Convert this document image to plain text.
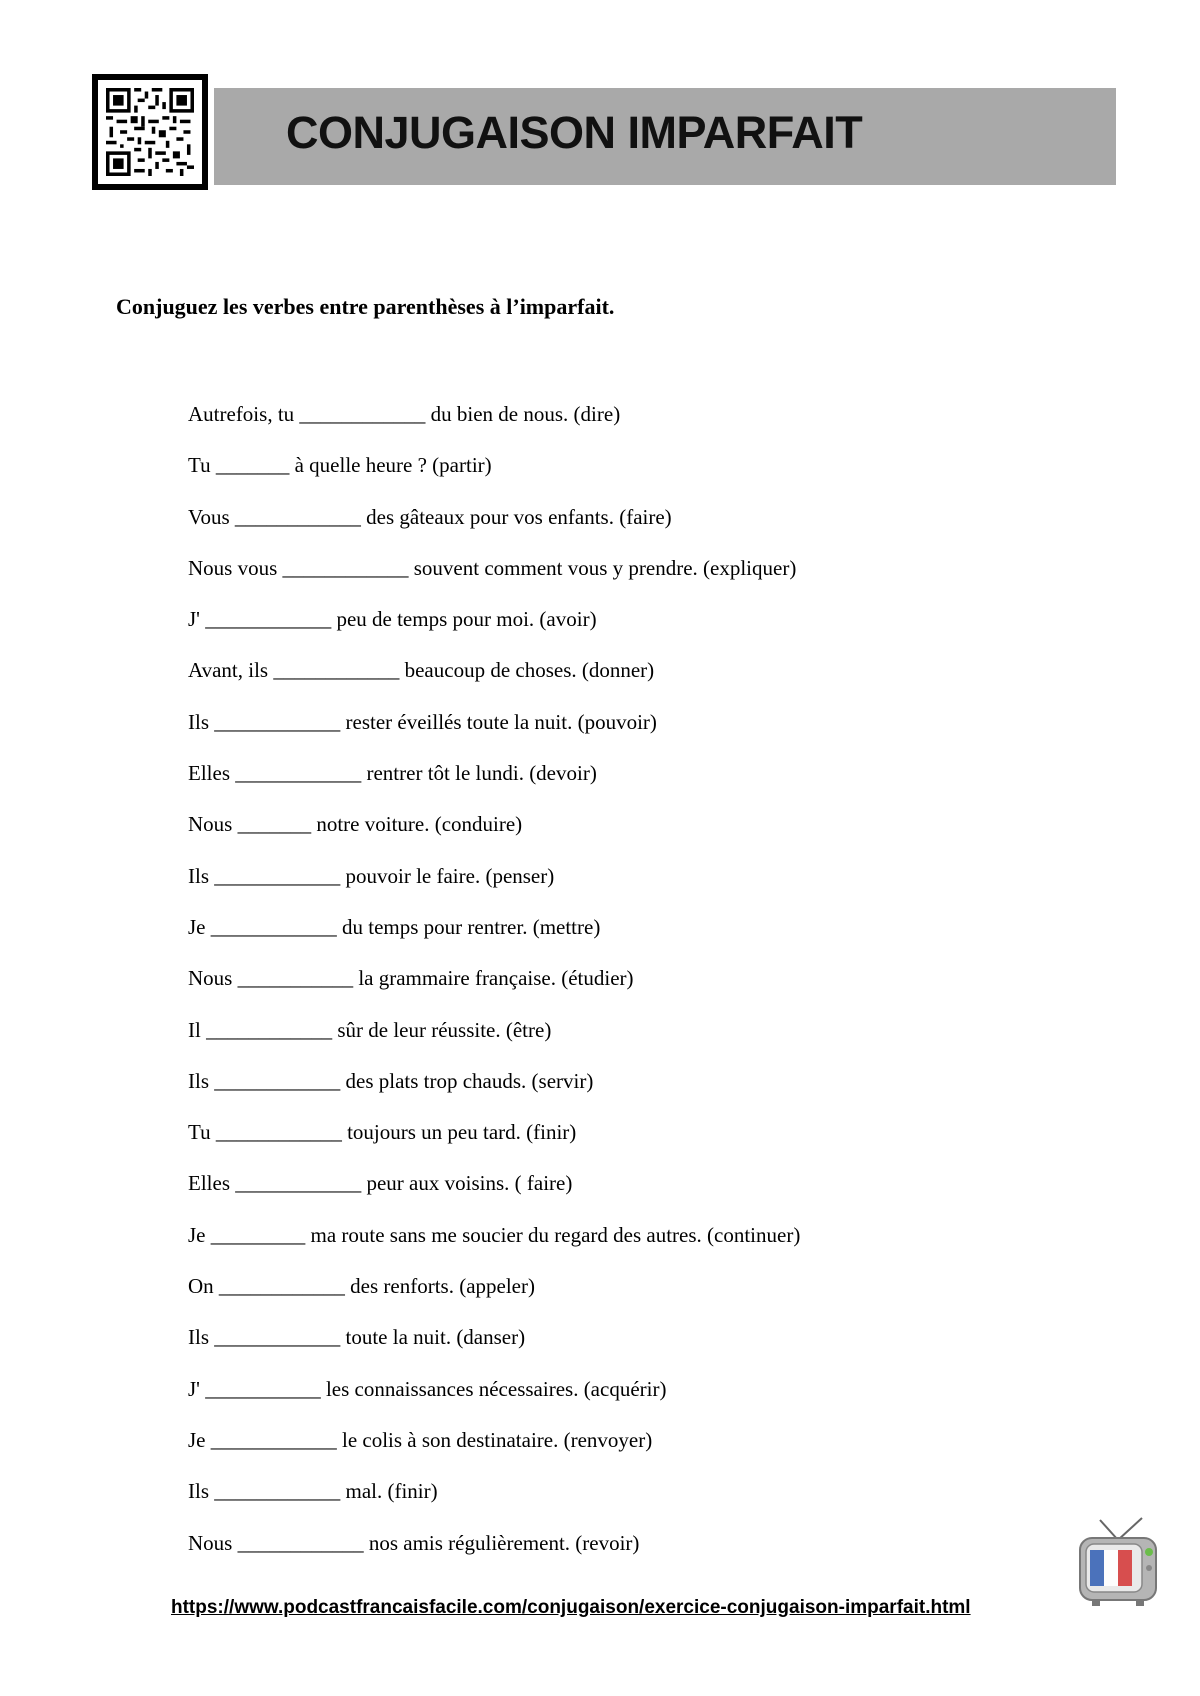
CONJUGAISON IMPARFAIT
Conjuguez les verbes entre parenthèses à l’imparfait.
Autrefois, tu ____________ du bien de nous. (dire)
Tu _______ à quelle heure ? (partir)
Vous ____________ des gâteaux pour vos enfants. (faire)
Nous vous ____________ souvent comment vous y prendre. (expliquer)
J' ____________ peu de temps pour moi. (avoir)
Avant, ils ____________ beaucoup de choses. (donner)
Ils ____________ rester éveillés toute la nuit. (pouvoir)
Elles ____________ rentrer tôt le lundi. (devoir)
Nous _______ notre voiture. (conduire)
Ils ____________ pouvoir le faire. (penser)
Je ____________ du temps pour rentrer. (mettre)
Nous ___________ la grammaire française. (étudier)
Il ____________ sûr de leur réussite. (être)
Ils ____________ des plats trop chauds. (servir)
Tu ____________ toujours un peu tard. (finir)
Elles ____________ peur aux voisins. ( faire)
Je _________ ma route sans me soucier du regard des autres. (continuer)
On ____________ des renforts. (appeler)
Ils ____________ toute la nuit. (danser)
J' ___________ les connaissances nécessaires. (acquérir)
Je ____________ le colis à son destinataire. (renvoyer)
Ils ____________ mal. (finir)
Nous ____________ nos amis régulièrement. (revoir)
https://www.podcastfrancaisfacile.com/conjugaison/exercice-conjugaison-imparfait.html
